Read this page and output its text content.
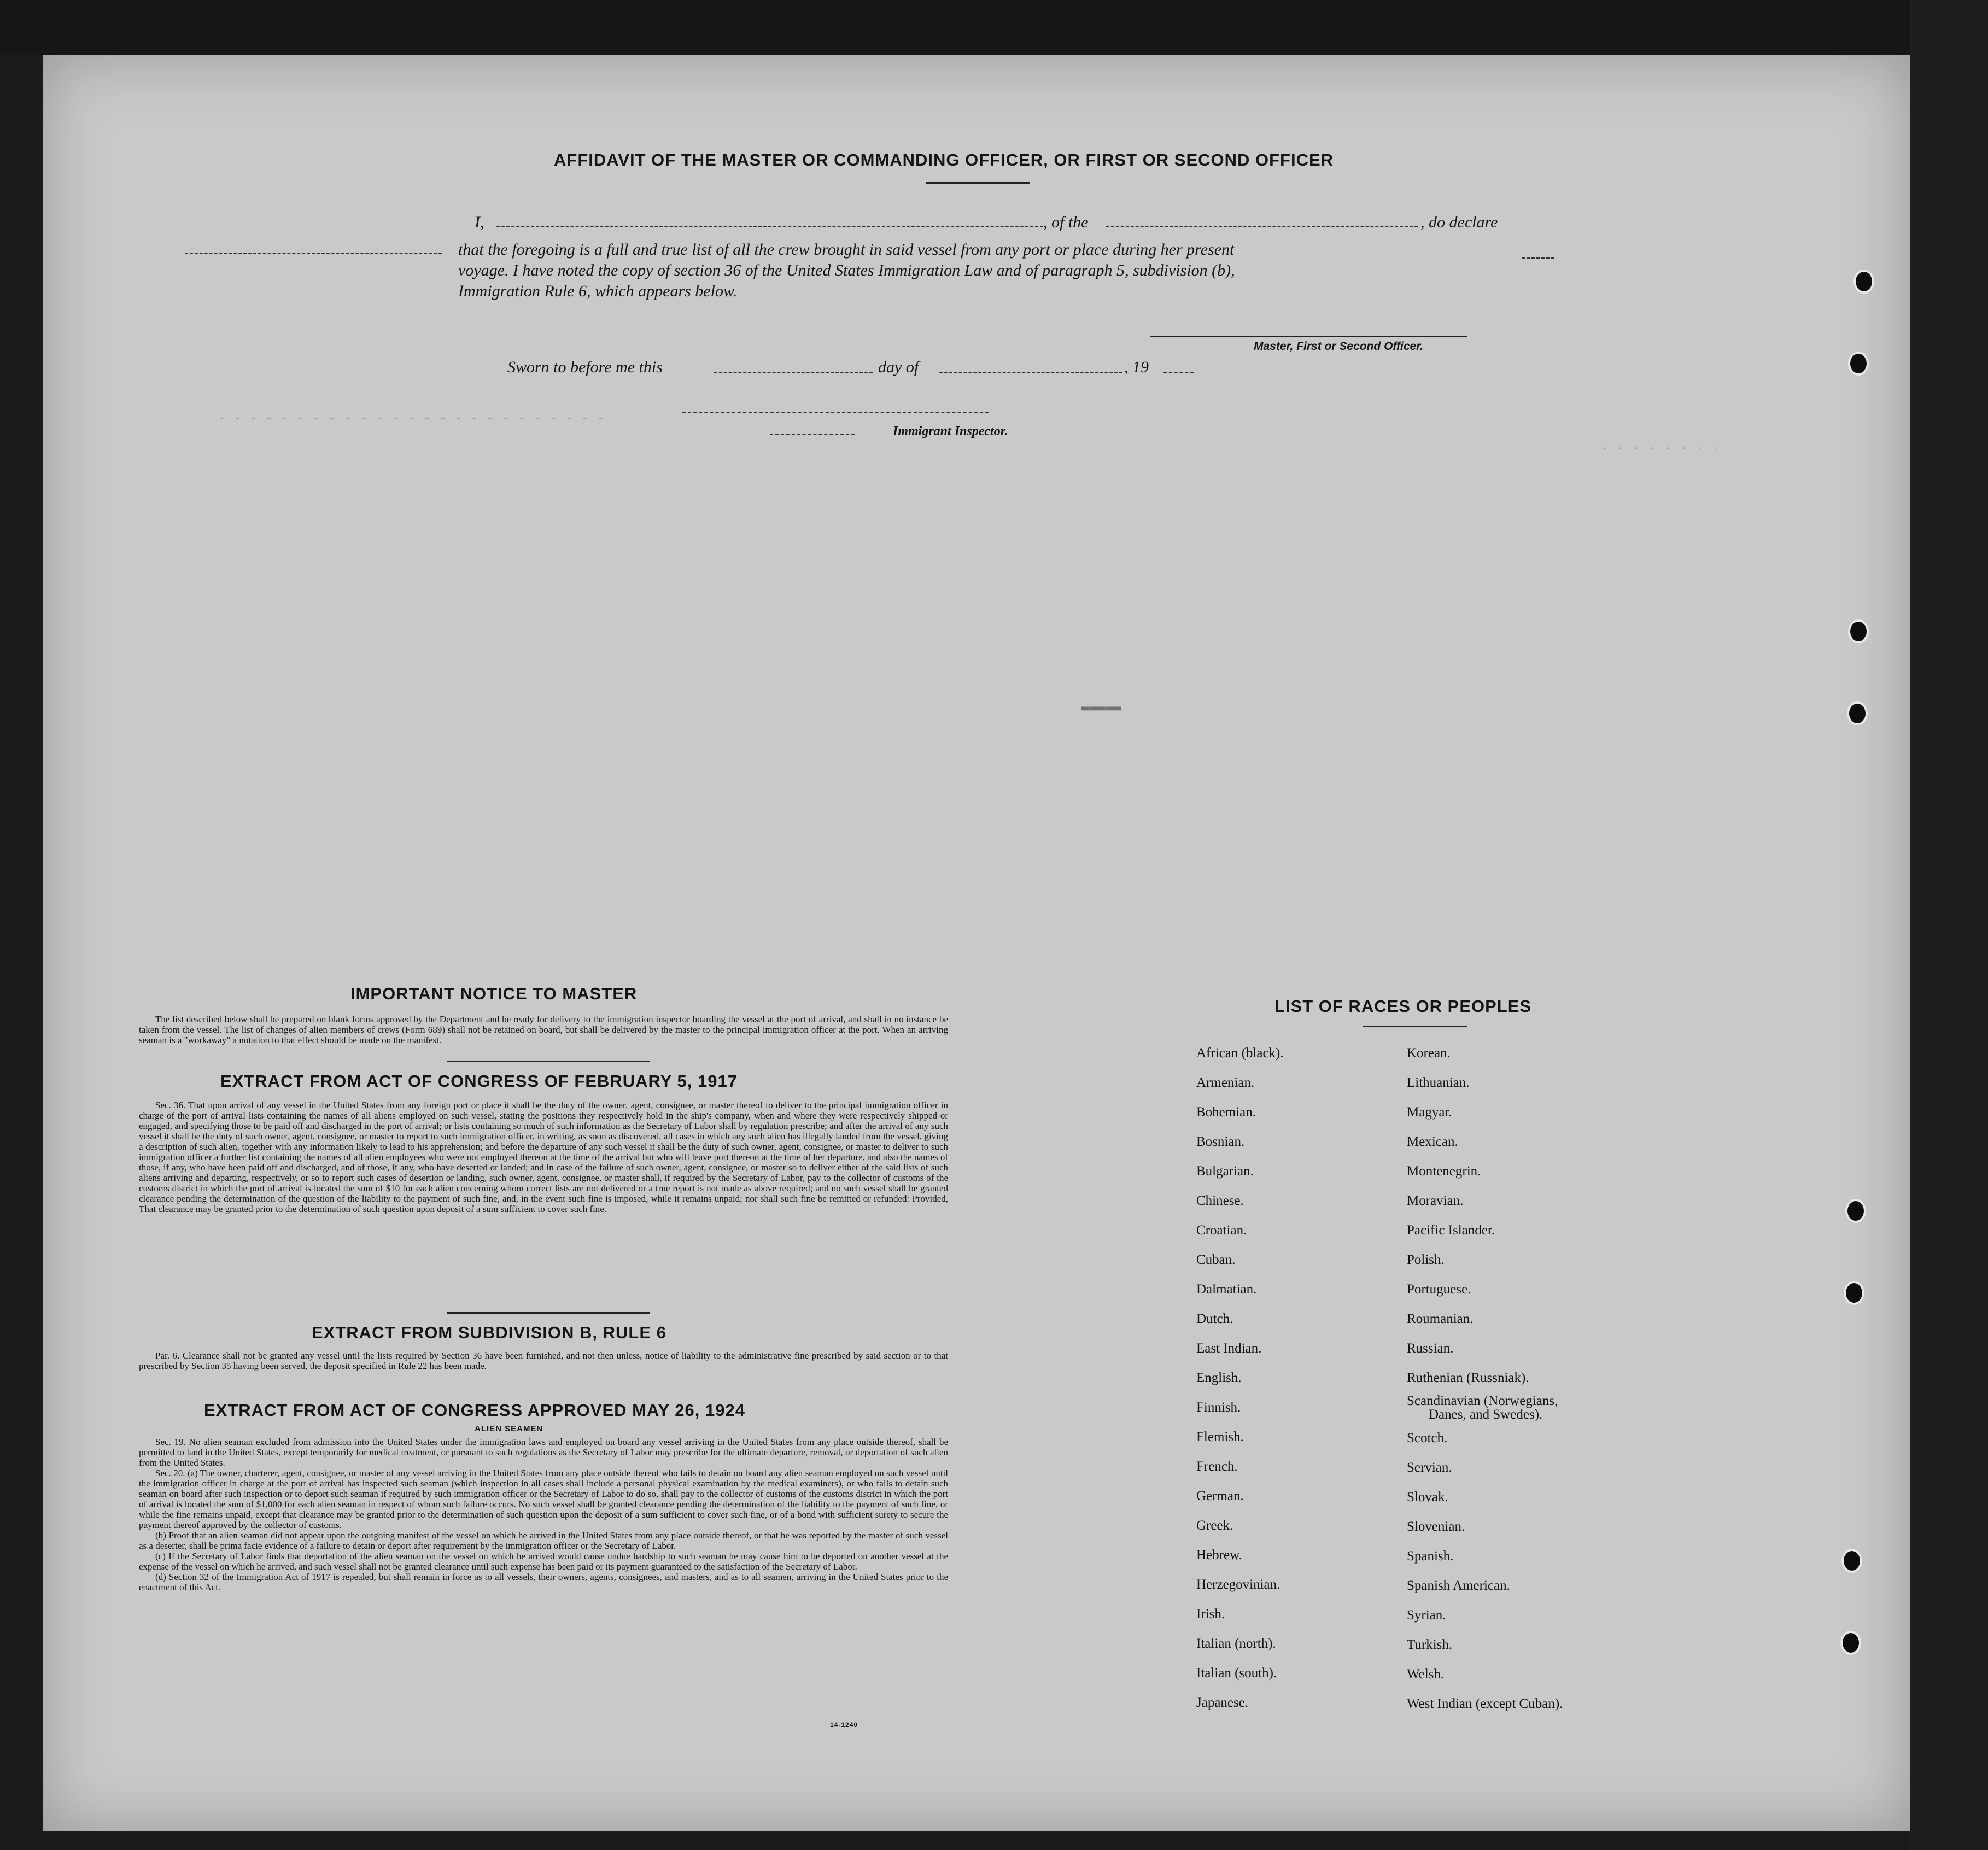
- - - - - - - - - - - - - - - - - - - - - - - - -
▬▬▬▬▬
. . . . . . . .
AFFIDAVIT OF THE MASTER OR COMMANDING OFFICER, OR FIRST OR SECOND OFFICER
I,	, of the	, do declare
that the foregoing is a full and true list of all the crew brought in said vessel from any port or place during her present
voyage. I have noted the copy of section 36 of the United States Immigration Law and of paragraph 5, subdivision (b),
Immigration Rule 6, which appears below.
Master, First or Second Officer.
Sworn to before me this	day of	, 19
Immigrant Inspector.
IMPORTANT NOTICE TO MASTER

The list described below shall be prepared on blank forms approved by the Department and be ready for delivery to the immigration inspector boarding the vessel at the port of arrival, and shall in no instance be taken from the vessel. The list of changes of alien members of crews (Form 689) shall not be retained on board, but shall be delivered by the master to the principal immigration officer at the port. When an arriving seaman is a "workaway" a notation to that effect should be made on the manifest.

EXTRACT FROM ACT OF CONGRESS OF FEBRUARY 5, 1917

Sec. 36. That upon arrival of any vessel in the United States from any foreign port or place it shall be the duty of the owner, agent, consignee, or master thereof to deliver to the principal immigration officer in charge of the port of arrival lists containing the names of all aliens employed on such vessel, stating the positions they respectively hold in the ship's company, when and where they were respectively shipped or engaged, and specifying those to be paid off and discharged in the port of arrival; or lists containing so much of such information as the Secretary of Labor shall by regulation prescribe; and after the arrival of any such vessel it shall be the duty of such owner, agent, consignee, or master to report to such immigration officer, in writing, as soon as discovered, all cases in which any such alien has illegally landed from the vessel, giving a description of such alien, together with any information likely to lead to his apprehension; and before the departure of any such vessel it shall be the duty of such owner, agent, consignee, or master to deliver to such immigration officer a further list containing the names of all alien employees who were not employed thereon at the time of the arrival but who will leave port thereon at the time of her departure, and also the names of those, if any, who have been paid off and discharged, and of those, if any, who have deserted or landed; and in case of the failure of such owner, agent, consignee, or master so to deliver either of the said lists of such aliens arriving and departing, respectively, or so to report such cases of desertion or landing, such owner, agent, consignee, or master shall, if required by the Secretary of Labor, pay to the collector of customs of the customs district in which the port of arrival is located the sum of $10 for each alien concerning whom correct lists are not delivered or a true report is not made as above required; and no such vessel shall be granted clearance pending the determination of the question of the liability to the payment of such fine, and, in the event such fine is imposed, while it remains unpaid; nor shall such fine be remitted or refunded: Provided, That clearance may be granted prior to the determination of such question upon deposit of a sum sufficient to cover such fine.

EXTRACT FROM SUBDIVISION B, RULE 6

Par. 6. Clearance shall not be granted any vessel until the lists required by Section 36 have been furnished, and not then unless, notice of liability to the administrative fine prescribed by said section or to that prescribed by Section 35 having been served, the deposit specified in Rule 22 has been made.

EXTRACT FROM ACT OF CONGRESS APPROVED MAY 26, 1924
ALIEN SEAMEN

Sec. 19. No alien seaman excluded from admission into the United States under the immigration laws and employed on board any vessel arriving in the United States from any place outside thereof, shall be permitted to land in the United States, except temporarily for medical treatment, or pursuant to such regulations as the Secretary of Labor may prescribe for the ultimate departure, removal, or deportation of such alien from the United States.

Sec. 20. (a) The owner, charterer, agent, consignee, or master of any vessel arriving in the United States from any place outside thereof who fails to detain on board any alien seaman employed on such vessel until the immigration officer in charge at the port of arrival has inspected such seaman (which inspection in all cases shall include a personal physical examination by the medical examiners), or who fails to detain such seaman on board after such inspection or to deport such seaman if required by such immigration officer or the Secretary of Labor to do so, shall pay to the collector of customs of the customs district in which the port of arrival is located the sum of $1,000 for each alien seaman in respect of whom such failure occurs. No such vessel shall be granted clearance pending the determination of the liability to the payment of such fine, or while the fine remains unpaid, except that clearance may be granted prior to the determination of such question upon the deposit of a sum sufficient to cover such fine, or of a bond with sufficient surety to secure the payment thereof approved by the collector of customs.

(b) Proof that an alien seaman did not appear upon the outgoing manifest of the vessel on which he arrived in the United States from any place outside thereof, or that he was reported by the master of such vessel as a deserter, shall be prima facie evidence of a failure to detain or deport after requirement by the immigration officer or the Secretary of Labor.

(c) If the Secretary of Labor finds that deportation of the alien seaman on the vessel on which he arrived would cause undue hardship to such seaman he may cause him to be deported on another vessel at the expense of the vessel on which he arrived, and such vessel shall not be granted clearance until such expense has been paid or its payment guaranteed to the satisfaction of the Secretary of Labor.

(d) Section 32 of the Immigration Act of 1917 is repealed, but shall remain in force as to all vessels, their owners, agents, consignees, and masters, and as to all seamen, arriving in the United States prior to the enactment of this Act.

14-1240
LIST OF RACES OR PEOPLES
African (black).
Armenian.
Bohemian.
Bosnian.
Bulgarian.
Chinese.
Croatian.
Cuban.
Dalmatian.
Dutch.
East Indian.
English.
Finnish.
Flemish.
French.
German.
Greek.
Hebrew.
Herzegovinian.
Irish.
Italian (north).
Italian (south).
Japanese.
Korean.
Lithuanian.
Magyar.
Mexican.
Montenegrin.
Moravian.
Pacific Islander.
Polish.
Portuguese.
Roumanian.
Russian.
Ruthenian (Russniak).
Scandinavian (Norwegians,
Danes, and Swedes).
Scotch.
Servian.
Slovak.
Slovenian.
Spanish.
Spanish American.
Syrian.
Turkish.
Welsh.
West Indian (except Cuban).
